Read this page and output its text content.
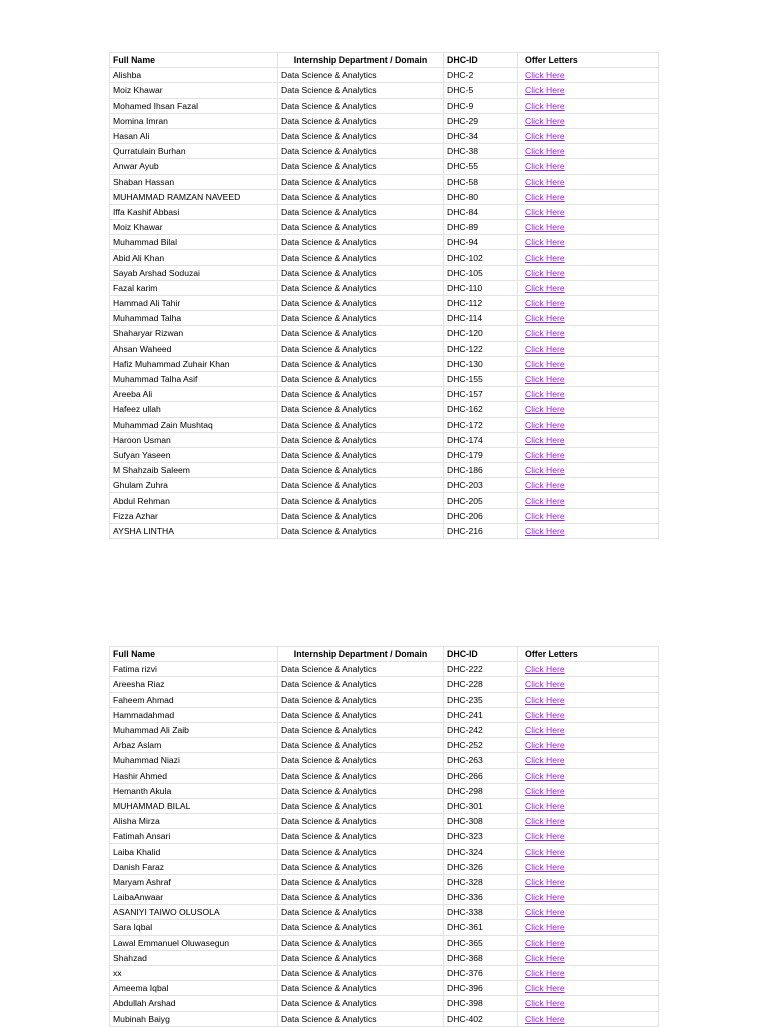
Full Name	Internship Department / Domain	DHC-ID	Offer Letters
Alishba	Data Science & Analytics	DHC-2	Click Here
Moiz Khawar	Data Science & Analytics	DHC-5	Click Here
Mohamed Ihsan Fazal	Data Science & Analytics	DHC-9	Click Here
Momina Imran	Data Science & Analytics	DHC-29	Click Here
Hasan Ali	Data Science & Analytics	DHC-34	Click Here
Qurratulain Burhan	Data Science & Analytics	DHC-38	Click Here
Anwar Ayub	Data Science & Analytics	DHC-55	Click Here
Shaban Hassan	Data Science & Analytics	DHC-58	Click Here
MUHAMMAD RAMZAN NAVEED	Data Science & Analytics	DHC-80	Click Here
Iffa Kashif Abbasi	Data Science & Analytics	DHC-84	Click Here
Moiz Khawar	Data Science & Analytics	DHC-89	Click Here
Muhammad Bilal	Data Science & Analytics	DHC-94	Click Here
Abid Ali Khan	Data Science & Analytics	DHC-102	Click Here
Sayab Arshad Soduzai	Data Science & Analytics	DHC-105	Click Here
Fazal karim	Data Science & Analytics	DHC-110	Click Here
Hammad Ali Tahir	Data Science & Analytics	DHC-112	Click Here
Muhammad Talha	Data Science & Analytics	DHC-114	Click Here
Shaharyar Rizwan	Data Science & Analytics	DHC-120	Click Here
Ahsan Waheed	Data Science & Analytics	DHC-122	Click Here
Hafiz Muhammad Zuhair Khan	Data Science & Analytics	DHC-130	Click Here
Muhammad Talha Asif	Data Science & Analytics	DHC-155	Click Here
Areeba Ali	Data Science & Analytics	DHC-157	Click Here
Hafeez ullah	Data Science & Analytics	DHC-162	Click Here
Muhammad Zain Mushtaq	Data Science & Analytics	DHC-172	Click Here
Haroon Usman	Data Science & Analytics	DHC-174	Click Here
Sufyan Yaseen	Data Science & Analytics	DHC-179	Click Here
M Shahzaib Saleem	Data Science & Analytics	DHC-186	Click Here
Ghulam Zuhra	Data Science & Analytics	DHC-203	Click Here
Abdul Rehman	Data Science & Analytics	DHC-205	Click Here
Fizza Azhar	Data Science & Analytics	DHC-206	Click Here
AYSHA LINTHA	Data Science & Analytics	DHC-216	Click Here
Full Name	Internship Department / Domain	DHC-ID	Offer Letters
Fatima rizvi	Data Science & Analytics	DHC-222	Click Here
Areesha Riaz	Data Science & Analytics	DHC-228	Click Here
Faheem Ahmad	Data Science & Analytics	DHC-235	Click Here
Hammadahmad	Data Science & Analytics	DHC-241	Click Here
Muhammad Ali Zaib	Data Science & Analytics	DHC-242	Click Here
Arbaz Aslam	Data Science & Analytics	DHC-252	Click Here
Muhammad Niazi	Data Science & Analytics	DHC-263	Click Here
Hashir Ahmed	Data Science & Analytics	DHC-266	Click Here
Hemanth Akula	Data Science & Analytics	DHC-298	Click Here
MUHAMMAD BILAL	Data Science & Analytics	DHC-301	Click Here
Alisha Mirza	Data Science & Analytics	DHC-308	Click Here
Fatimah Ansari	Data Science & Analytics	DHC-323	Click Here
Laiba Khalid	Data Science & Analytics	DHC-324	Click Here
Danish Faraz	Data Science & Analytics	DHC-326	Click Here
Maryam Ashraf	Data Science & Analytics	DHC-328	Click Here
LaibaAnwaar	Data Science & Analytics	DHC-336	Click Here
ASANIYI TAIWO OLUSOLA	Data Science & Analytics	DHC-338	Click Here
Sara Iqbal	Data Science & Analytics	DHC-361	Click Here
Lawal Emmanuel Oluwasegun	Data Science & Analytics	DHC-365	Click Here
Shahzad	Data Science & Analytics	DHC-368	Click Here
xx	Data Science & Analytics	DHC-376	Click Here
Ameema Iqbal	Data Science & Analytics	DHC-396	Click Here
Abdullah Arshad	Data Science & Analytics	DHC-398	Click Here
Mubinah Baiyg	Data Science & Analytics	DHC-402	Click Here
